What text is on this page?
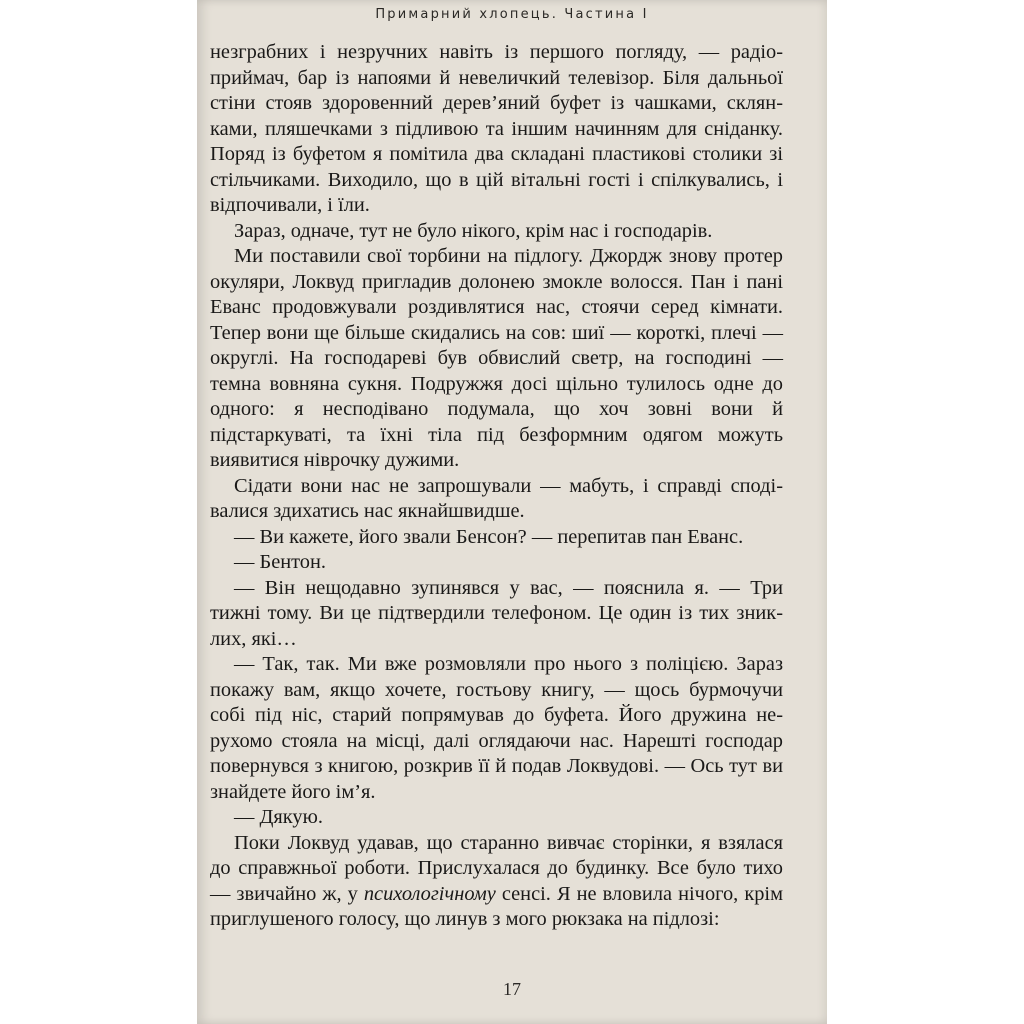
Примарний хлопець. Частина I

незграбних і незручних навіть із першого погляду, — радіоприймач, бар із напоями й невеличкий телевізор. Біля дальньої стіни стояв здоровенний дерев’яний буфет із чашками, склянками, пляшечками з підливою та іншим начинням для сніданку. Поряд із буфетом я помітила два складані пластикові столики зі стільчиками. Виходило, що в цій вітальні гості і спілкувались, і відпочивали, і їли.

Зараз, одначе, тут не було нікого, крім нас і господарів.

Ми поставили свої торбини на підлогу. Джордж знову протер окуляри, Локвуд пригладив долонею змокле волосся. Пан і пані Еванс продовжували роздивлятися нас, стоячи серед кімнати. Тепер вони ще більше скидались на сов: шиї — короткі, плечі — округлі. На господареві був обвислий светр, на господині — темна вовняна сукня. Подружжя досі щільно тулилось одне до одного: я несподівано подумала, що хоч зовні вони й підстаркуваті, та їхні тіла під безформним одягом можуть виявитися ніврочку дужими.

Сідати вони нас не запрошували — мабуть, і справді сподівалися здихатись нас якнайшвидше.

— Ви кажете, його звали Бенсон? — перепитав пан Еванс.

— Бентон.

— Він нещодавно зупинявся у вас, — пояснила я. — Три тижні тому. Ви це підтвердили телефоном. Це один із тих зниклих, які…

— Так, так. Ми вже розмовляли про нього з поліцією. Зараз покажу вам, якщо хочете, гостьову книгу, — щось бурмочучи собі під ніс, старий попрямував до буфета. Його дружина нерухомо стояла на місці, далі оглядаючи нас. Нарешті господар повернувся з книгою, розкрив її й подав Локвудові. — Ось тут ви знайдете його ім’я.

— Дякую.

Поки Локвуд удавав, що старанно вивчає сторінки, я взялася до справжньої роботи. Прислухалася до будинку. Все було тихо — звичайно ж, у психологічному сенсі. Я не вловила нічого, крім приглушеного голосу, що линув з мого рюкзака на підлозі:

17
